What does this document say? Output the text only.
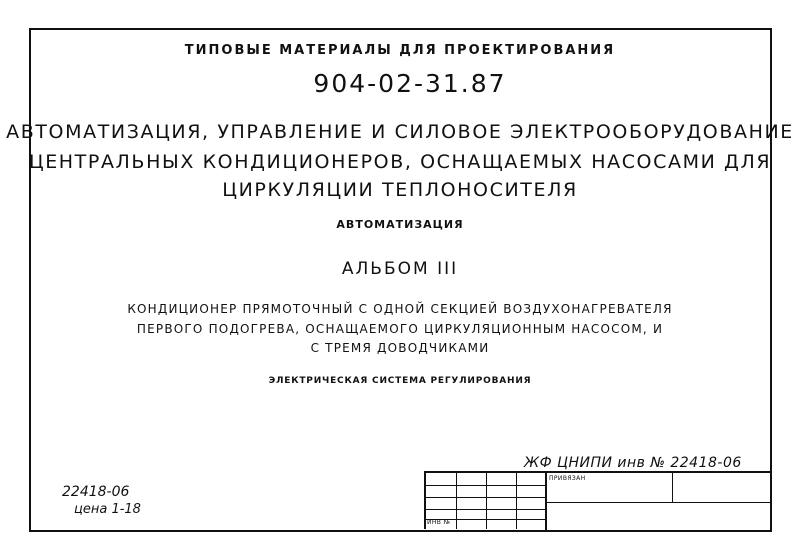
ТИПОВЫЕ МАТЕРИАЛЫ ДЛЯ ПРОЕКТИРОВАНИЯ
904-02-31.87
АВТОМАТИЗАЦИЯ, УПРАВЛЕНИЕ И СИЛОВОЕ ЭЛЕКТРООБОРУДОВАНИЕ
ЦЕНТРАЛЬНЫХ КОНДИЦИОНЕРОВ, ОСНАЩАЕМЫХ НАСОСАМИ ДЛЯ
ЦИРКУЛЯЦИИ ТЕПЛОНОСИТЕЛЯ
АВТОМАТИЗАЦИЯ
АЛЬБОМ III
КОНДИЦИОНЕР ПРЯМОТОЧНЫЙ С ОДНОЙ СЕКЦИЕЙ ВОЗДУХОНАГРЕВАТЕЛЯ
ПЕРВОГО ПОДОГРЕВА, ОСНАЩАЕМОГО ЦИРКУЛЯЦИОННЫМ НАСОСОМ, И
С ТРЕМЯ ДОВОДЧИКАМИ
ЭЛЕКТРИЧЕСКАЯ СИСТЕМА РЕГУЛИРОВАНИЯ
ЖФ ЦНИПИ инв № 22418-06
22418-06
цена 1-18
ПРИВЯЗАН
ИНВ №
